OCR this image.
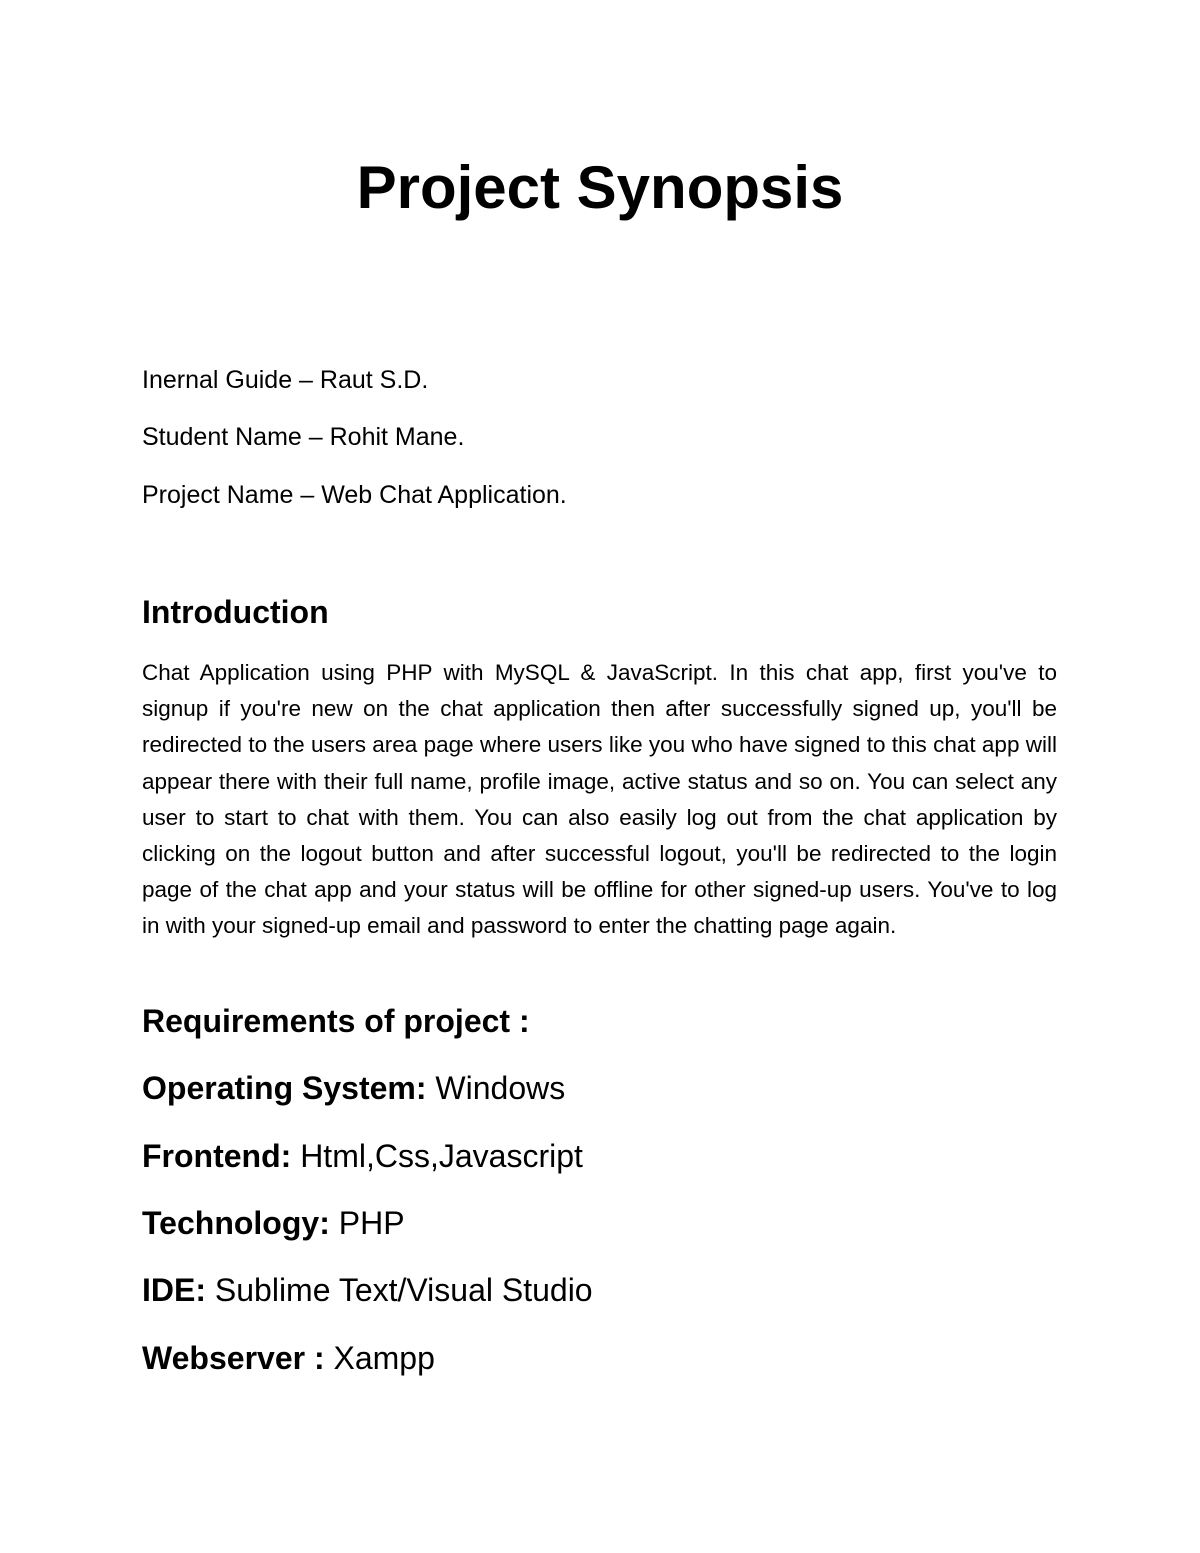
Project Synopsis

Inernal Guide – Raut S.D.

Student Name – Rohit Mane.

Project Name – Web Chat Application.

Introduction

Chat Application using PHP with MySQL & JavaScript. In this chat app, first you've to signup if you're new on the chat application then after successfully signed up, you'll be redirected to the users area page where users like you who have signed to this chat app will appear there with their full name, profile image, active status and so on. You can select any user to start to chat with them. You can also easily log out from the chat application by clicking on the logout button and after successful logout, you'll be redirected to the login page of the chat app and your status will be offline for other signed-up users. You've to log in with your signed-up email and password to enter the chatting page again.

Requirements of project :

Operating System: Windows

Frontend: Html,Css,Javascript

Technology: PHP

IDE: Sublime Text/Visual Studio

Webserver : Xampp
